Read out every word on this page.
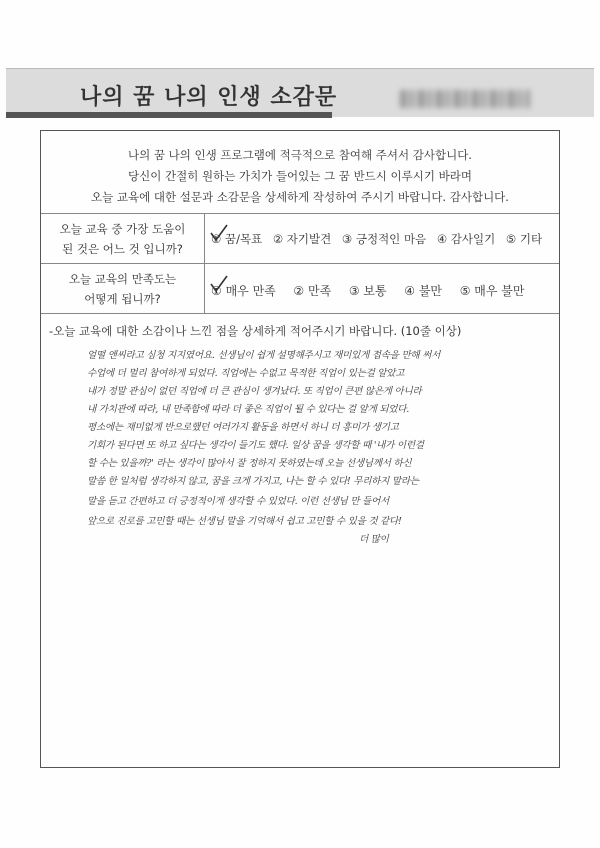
나의 꿈 나의 인생 소감문
나의 꿈 나의 인생 프로그램에 적극적으로 참여해 주셔서 감사합니다.
당신이 간절히 원하는 가치가 들어있는 그 꿈 반드시 이루시기 바라며
오늘 교육에 대한 설문과 소감문을 상세하게 작성하여 주시기 바랍니다. 감사합니다.
오늘 교육 중 가장 도움이
된 것은 어느 것 입니까?
① 꿈/목표 ② 자기발견 ③ 긍정적인 마음 ④ 감사일기 ⑤ 기타
오늘 교육의 만족도는
어떻게 됩니까?
① 매우 만족 ② 만족 ③ 보통 ④ 불만 ⑤ 매우 불만
-오늘 교육에 대한 소감이나 느낀 점을 상세하게 적어주시기 바랍니다. (10줄 이상)
얼떨 앤씨라고 심청 지지였어요. 선생님이 쉽게 설명해주시고 재미있게 접속을 만해 써서
수업에 더 멀리 참여하게 되었다. 직업에는 수없고 목적한 직업이 있는걸 알았고
내가 정말 관심이 없던 직업에 더 큰 관심이 생겨났다. 또 직업이 큰편 않은게 아니라
내 가치관에 따라, 내 만족함에 따라 더 좋은 직업이 될 수 있다는 걸 알게 되었다.
평소에는 재미없게 반으로했던 여러가지 활동을 하면서 하니 더 흥미가 생기고
기회가 된다면 또 하고 싶다는 생각이 들기도 했다. 일상 꿈을 생각할 때 '내가 이런걸
할 수는 있을까?' 라는 생각이 많아서 잘 정하지 못하였는데 오늘 선생님께서 하신
말씀 한 일처럼 생각하지 않고, 꿈을 크게 가지고, 나는 할 수 있다! 무리하지 말라는
말을 듣고 간편하고 더 긍정적이게 생각할 수 있었다. 이런 선생님 만 들어서
앞으로 진로를 고민할 때는 선생님 말을 기억해서 쉽고 고민할 수 있을 것 같다!
더 많이
